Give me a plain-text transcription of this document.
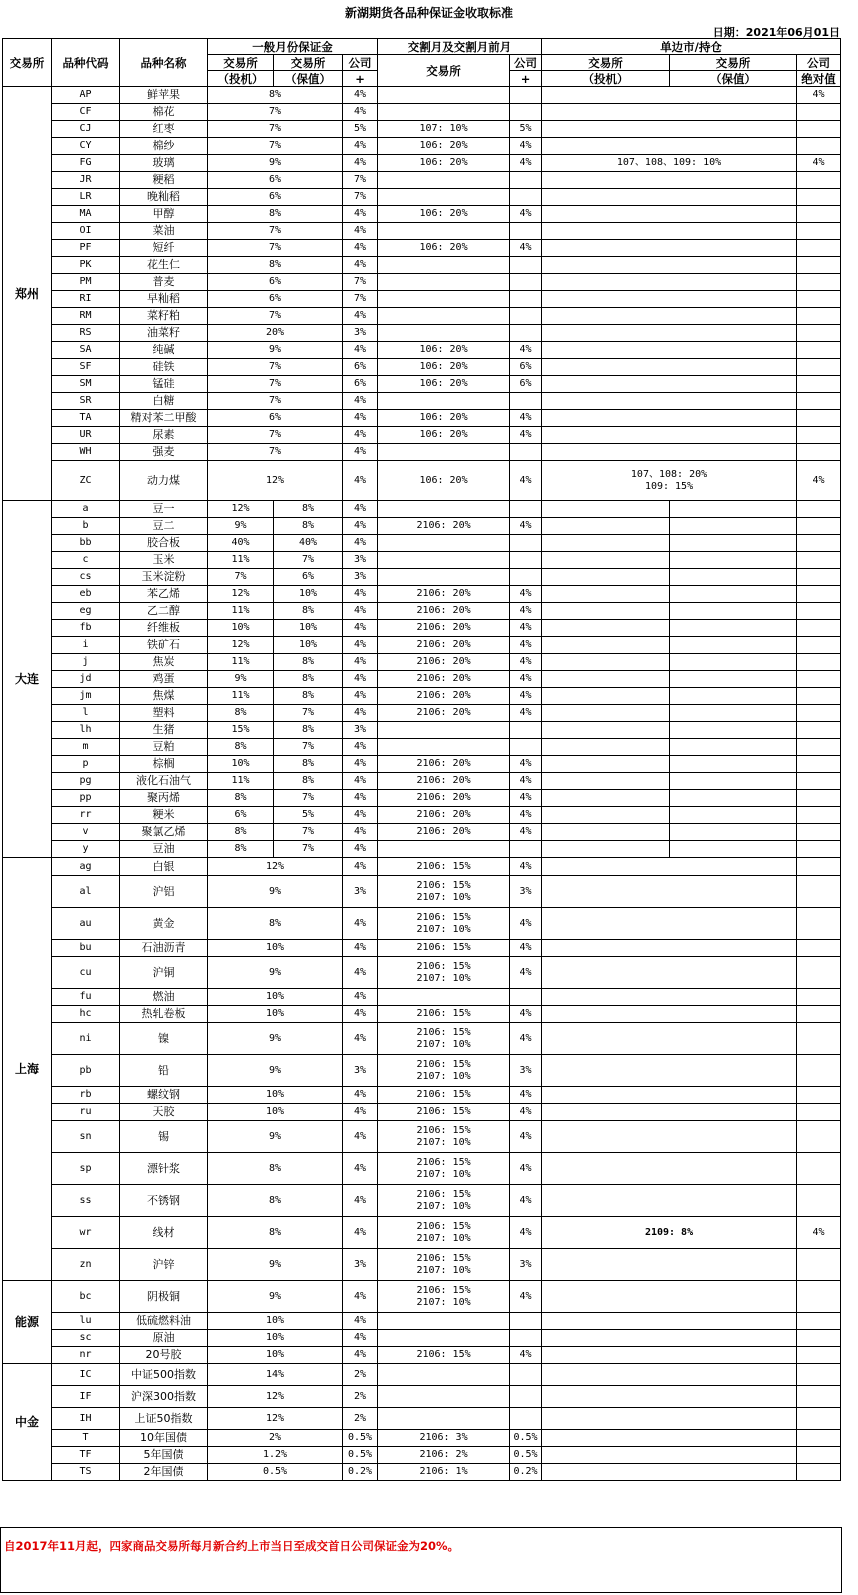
新湖期货各品种保证金收取标准
日期：2021年06月01日
交易所	品种代码	品种名称	一般月份保证金			交割月及交割月前月		单边市/持仓		
			交易所	交易所	公司	交易所	公司	交易所	交易所	公司
			（投机）	（保值）	+		+	（投机）	（保值）	绝对值
郑州	AP	鲜苹果	8%		4%					4%
	CF	棉花	7%		4%					
	CJ	红枣	7%		5%	107: 10%	5%			
	CY	棉纱	7%		4%	106: 20%	4%			
	FG	玻璃	9%		4%	106: 20%	4%	107、108、109: 10%		4%
	JR	粳稻	6%		7%					
	LR	晚籼稻	6%		7%					
	MA	甲醇	8%		4%	106: 20%	4%			
	OI	菜油	7%		4%					
	PF	短纤	7%		4%	106: 20%	4%			
	PK	花生仁	8%		4%					
	PM	普麦	6%		7%					
	RI	早籼稻	6%		7%					
	RM	菜籽粕	7%		4%					
	RS	油菜籽	20%		3%					
	SA	纯碱	9%		4%	106: 20%	4%			
	SF	硅铁	7%		6%	106: 20%	6%			
	SM	锰硅	7%		6%	106: 20%	6%			
	SR	白糖	7%		4%					
	TA	精对苯二甲酸	6%		4%	106: 20%	4%			
	UR	尿素	7%		4%	106: 20%	4%			
	WH	强麦	7%		4%					
	ZC	动力煤	12%		4%	106: 20%	4%	107、108: 20%
109: 15%		4%
大连	a	豆一	12%	8%	4%					
	b	豆二	9%	8%	4%	2106: 20%	4%			
	bb	胶合板	40%	40%	4%					
	c	玉米	11%	7%	3%					
	cs	玉米淀粉	7%	6%	3%					
	eb	苯乙烯	12%	10%	4%	2106: 20%	4%			
	eg	乙二醇	11%	8%	4%	2106: 20%	4%			
	fb	纤维板	10%	10%	4%	2106: 20%	4%			
	i	铁矿石	12%	10%	4%	2106: 20%	4%			
	j	焦炭	11%	8%	4%	2106: 20%	4%			
	jd	鸡蛋	9%	8%	4%	2106: 20%	4%			
	jm	焦煤	11%	8%	4%	2106: 20%	4%			
	l	塑料	8%	7%	4%	2106: 20%	4%			
	lh	生猪	15%	8%	3%					
	m	豆粕	8%	7%	4%					
	p	棕榈	10%	8%	4%	2106: 20%	4%			
	pg	液化石油气	11%	8%	4%	2106: 20%	4%			
	pp	聚丙烯	8%	7%	4%	2106: 20%	4%			
	rr	粳米	6%	5%	4%	2106: 20%	4%			
	v	聚氯乙烯	8%	7%	4%	2106: 20%	4%			
	y	豆油	8%	7%	4%					
上海	ag	白银	12%		4%	2106: 15%	4%			
	al	沪铝	9%		3%	2106: 15%
2107: 10%	3%			
	au	黄金	8%		4%	2106: 15%
2107: 10%	4%			
	bu	石油沥青	10%		4%	2106: 15%	4%			
	cu	沪铜	9%		4%	2106: 15%
2107: 10%	4%			
	fu	燃油	10%		4%					
	hc	热轧卷板	10%		4%	2106: 15%	4%			
	ni	镍	9%		4%	2106: 15%
2107: 10%	4%			
	pb	铅	9%		3%	2106: 15%
2107: 10%	3%			
	rb	螺纹钢	10%		4%	2106: 15%	4%			
	ru	天胶	10%		4%	2106: 15%	4%			
	sn	锡	9%		4%	2106: 15%
2107: 10%	4%			
	sp	漂针浆	8%		4%	2106: 15%
2107: 10%	4%			
	ss	不锈钢	8%		4%	2106: 15%
2107: 10%	4%			
	wr	线材	8%		4%	2106: 15%
2107: 10%	4%	2109: 8%		4%
	zn	沪锌	9%		3%	2106: 15%
2107: 10%	3%			
能源	bc	阴极铜	9%		4%	2106: 15%
2107: 10%	4%			
	lu	低硫燃料油	10%		4%					
	sc	原油	10%		4%					
	nr	20号胶	10%		4%	2106: 15%	4%			
中金	IC	中证500指数	14%		2%					
	IF	沪深300指数	12%		2%					
	IH	上证50指数	12%		2%					
	T	10年国债	2%		0.5%	2106: 3%	0.5%			
	TF	5年国债	1.2%		0.5%	2106: 2%	0.5%			
	TS	2年国债	0.5%		0.2%	2106: 1%	0.2%			
自2017年11月起，四家商品交易所每月新合约上市当日至成交首日公司保证金为20%。
